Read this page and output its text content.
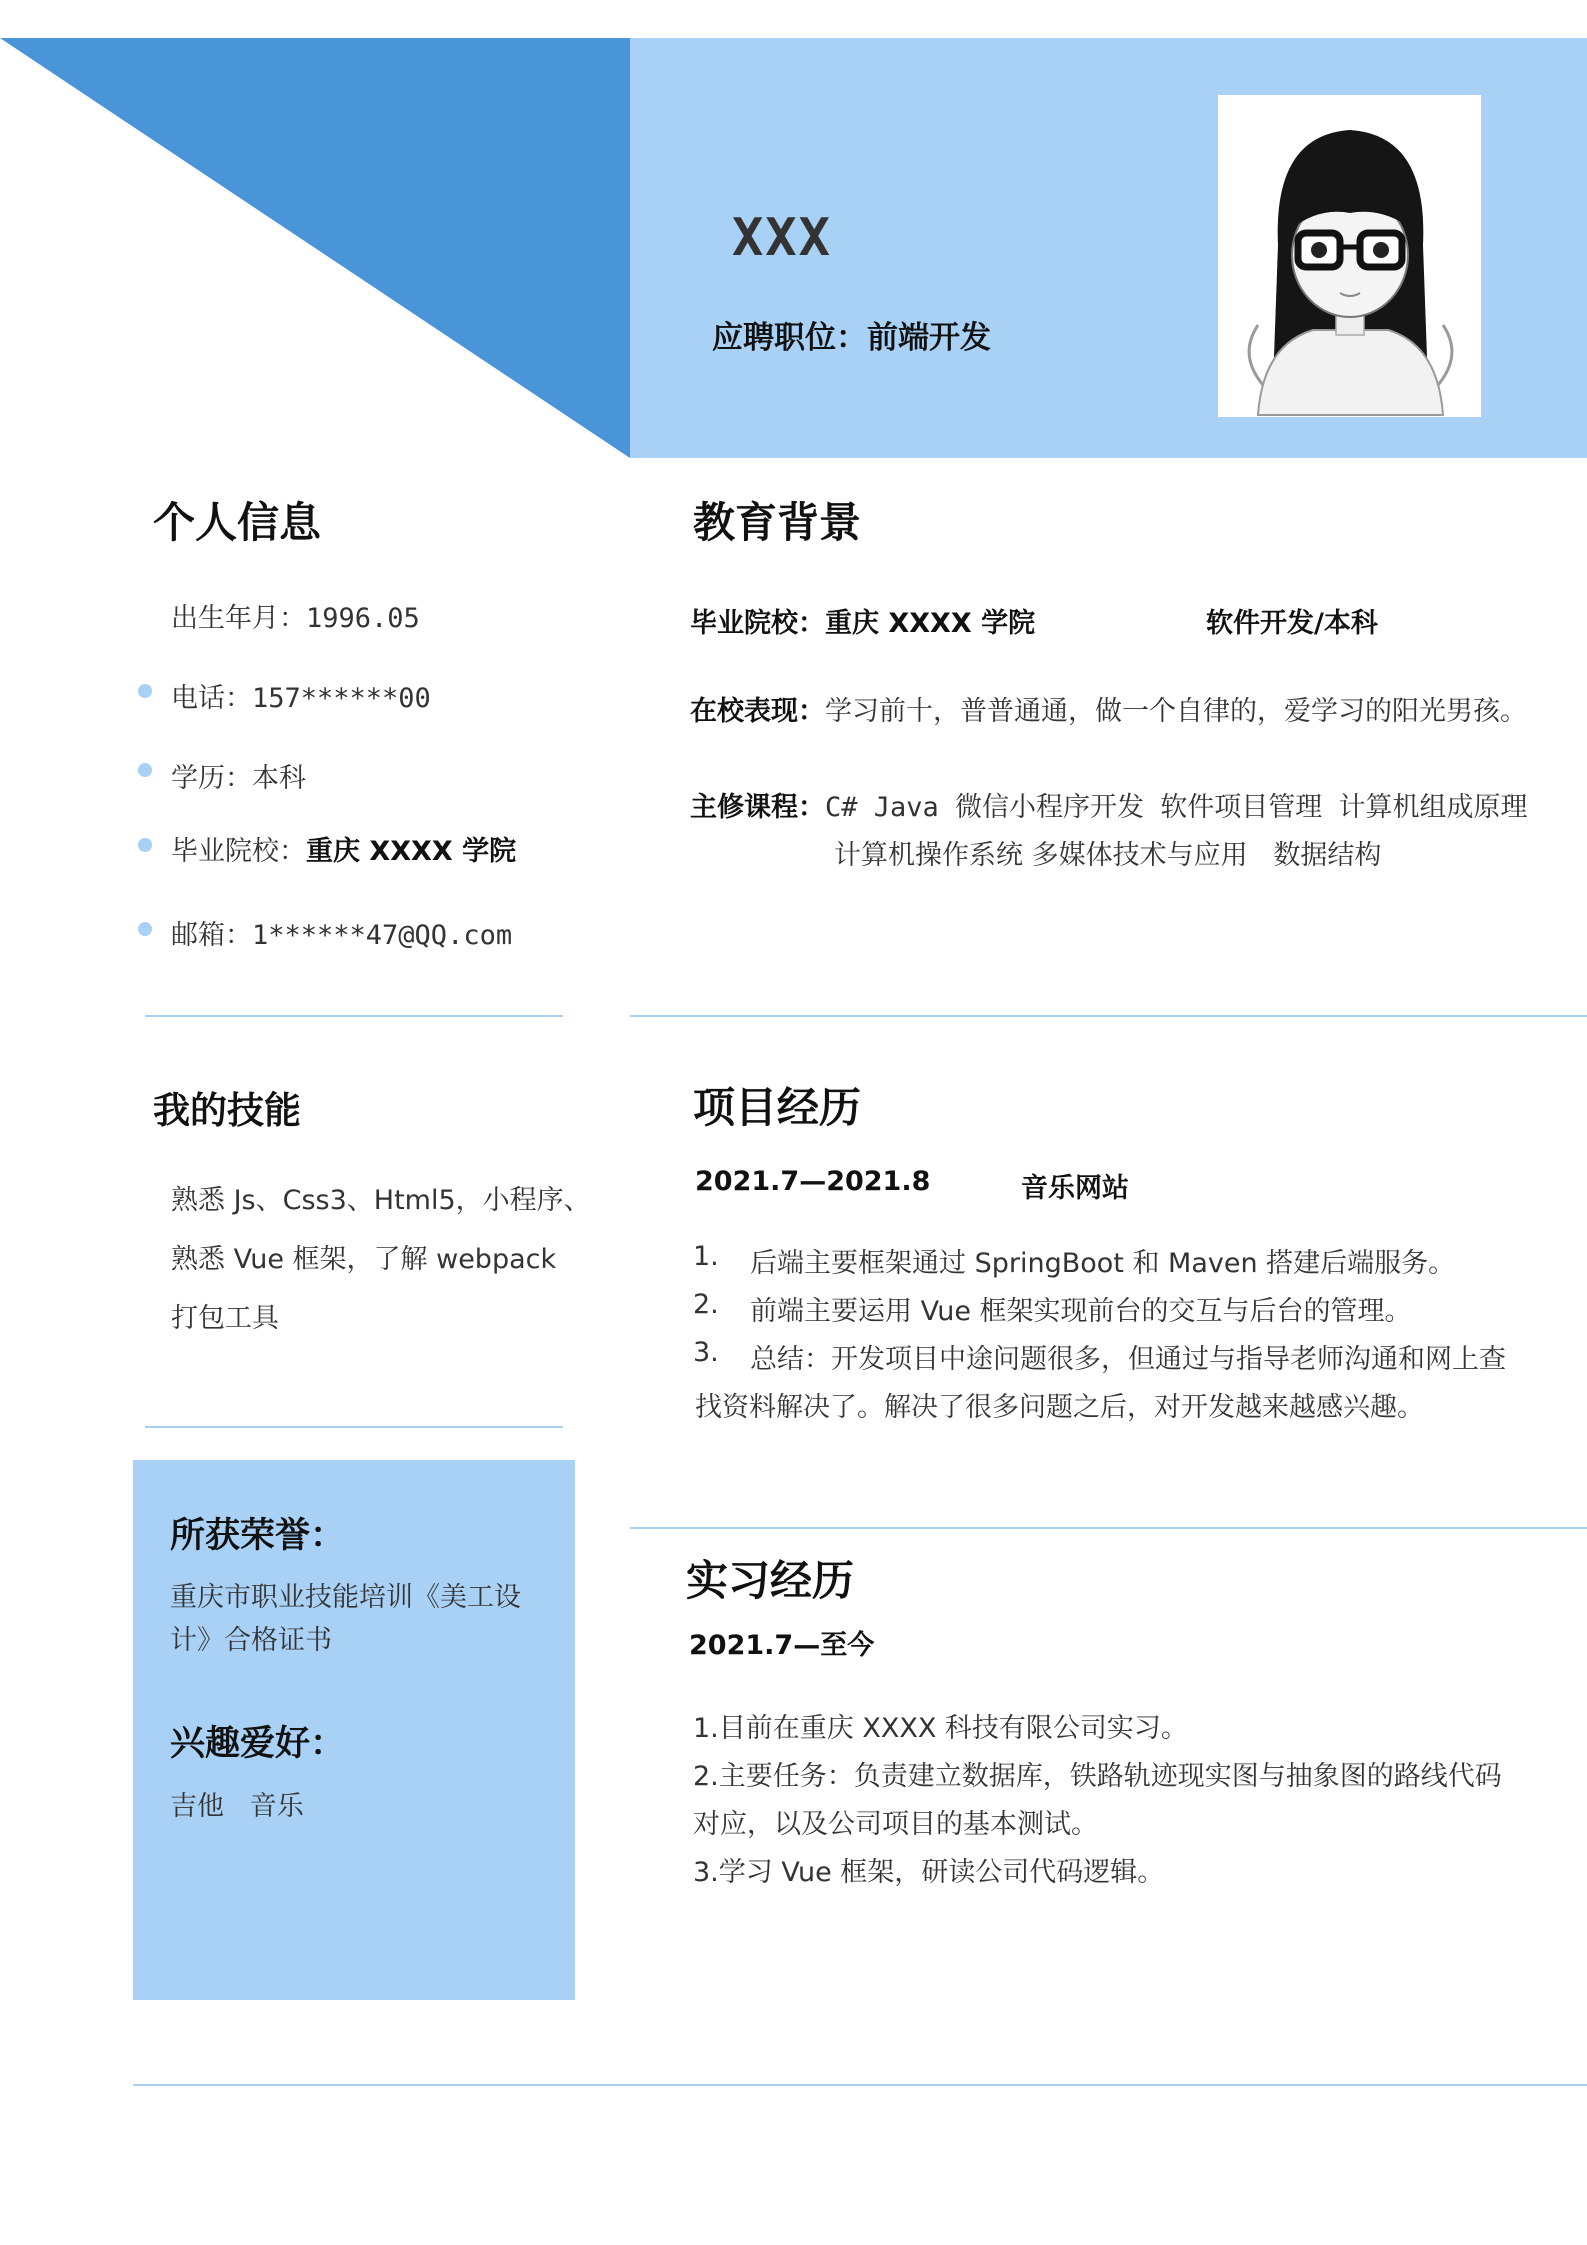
XXX
应聘职位：前端开发
个人信息
出生年月：1996.05
电话：157******00
学历：本科
毕业院校：重庆 XXXX 学院
邮箱：1******47@QQ.com
教育背景
毕业院校：重庆 XXXX 学院	软件开发/本科
在校表现：学习前十，普普通通，做一个自律的，爱学习的阳光男孩。
主修课程：C# Java 微信小程序开发 软件项目管理 计算机组成原理
计算机操作系统 多媒体技术与应用   数据结构
我的技能
熟悉 Js、Css3、Html5，小程序、
熟悉 Vue 框架，了解 webpack
打包工具
项目经历
2021.7—2021.8	音乐网站
1. 后端主要框架通过 SpringBoot 和 Maven 搭建后端服务。
2. 前端主要运用 Vue 框架实现前台的交互与后台的管理。
3. 总结：开发项目中途问题很多，但通过与指导老师沟通和网上查
找资料解决了。解决了很多问题之后，对开发越来越感兴趣。
所获荣誉：
重庆市职业技能培训《美工设
计》合格证书
兴趣爱好：
吉他   音乐
实习经历
2021.7—至今
1.目前在重庆 XXXX 科技有限公司实习。
2.主要任务：负责建立数据库，铁路轨迹现实图与抽象图的路线代码
对应，以及公司项目的基本测试。
3.学习 Vue 框架，研读公司代码逻辑。
